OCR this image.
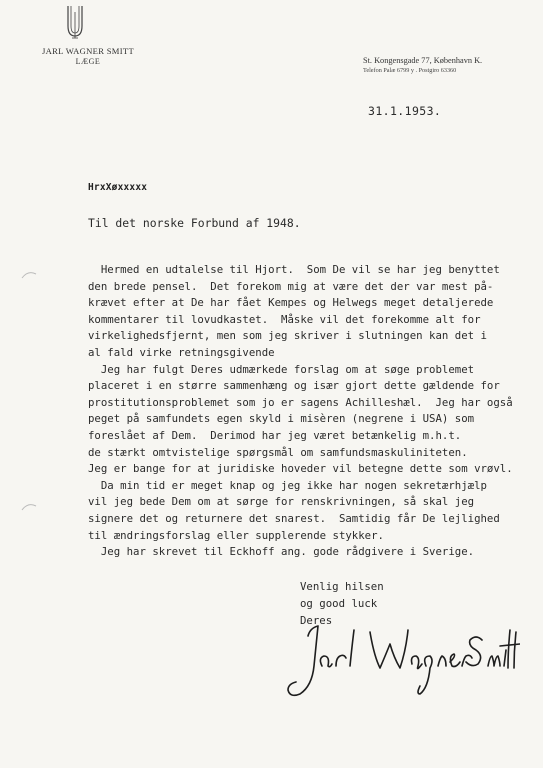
JARL WAGNER SMITT
LÆGE	St. Kongensgade 77, København K.
Telefon Palæ 6799 y . Postgiro 63360
31.1.1953.
HrxXøxxxxx
Til det norske Forbund af 1948.
Hermed en udtalelse til Hjort.  Som De vil se har jeg benyttet
den brede pensel.  Det forekom mig at være det der var mest på-
krævet efter at De har fået Kempes og Helwegs meget detaljerede
kommentarer til lovudkastet.  Måske vil det forekomme alt for
virkelighedsfjernt, men som jeg skriver i slutningen kan det i
al fald virke retningsgivende
Jeg har fulgt Deres udmærkede forslag om at søge problemet
placeret i en større sammenhæng og især gjort dette gældende for
prostitutionsproblemet som jo er sagens Achilleshæl.  Jeg har også
peget på samfundets egen skyld i misèren (negrene i USA) som
foreslået af Dem.  Derimod har jeg været betænkelig m.h.t.
de stærkt omtvistelige spørgsmål om samfundsmaskuliniteten.
Jeg er bange for at juridiske hoveder vil betegne dette som vrøvl.
Da min tid er meget knap og jeg ikke har nogen sekretærhjælp
vil jeg bede Dem om at sørge for renskrivningen, så skal jeg
signere det og returnere det snarest.  Samtidig får De lejlighed
til ændringsforslag eller supplerende stykker.
Jeg har skrevet til Eckhoff ang. gode rådgivere i Sverige.
Venlig hilsen
og good luck
Deres
